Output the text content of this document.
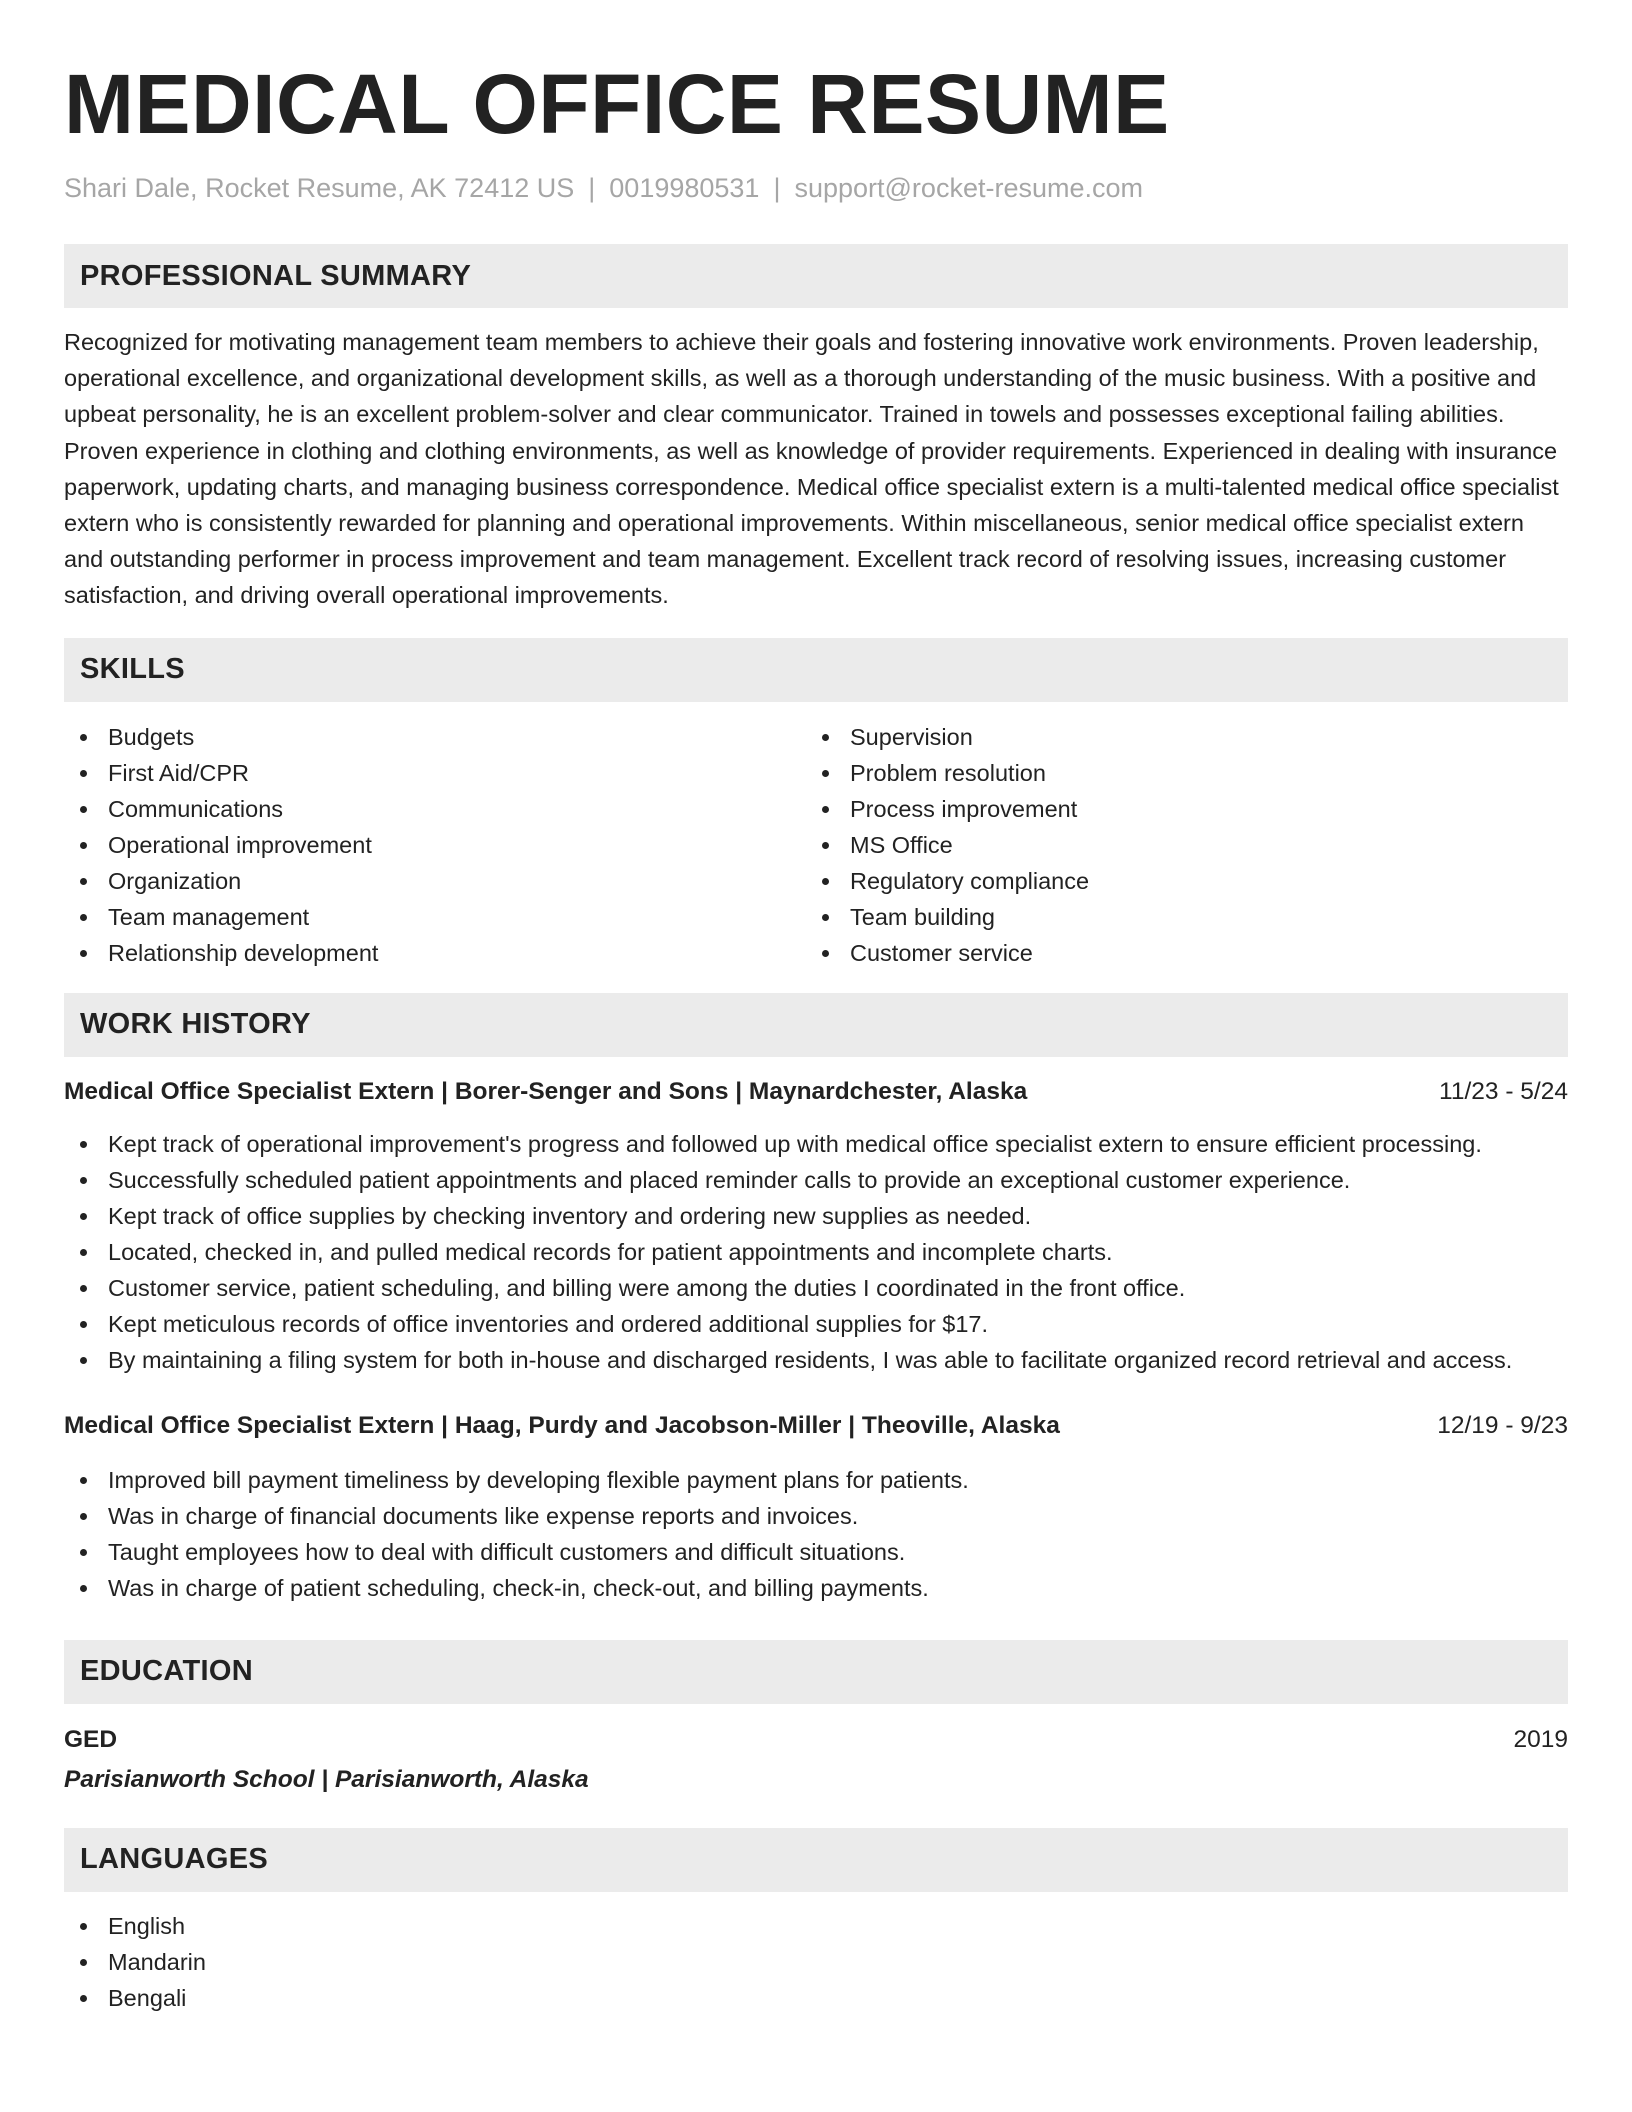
MEDICAL OFFICE RESUME
Shari Dale, Rocket Resume, AK 72412 US | 0019980531 | support@rocket-resume.com
PROFESSIONAL SUMMARY

Recognized for motivating management team members to achieve their goals and fostering innovative work environments. Proven leadership, operational excellence, and organizational development skills, as well as a thorough understanding of the music business. With a positive and upbeat personality, he is an excellent problem-solver and clear communicator. Trained in towels and possesses exceptional failing abilities. Proven experience in clothing and clothing environments, as well as knowledge of provider requirements. Experienced in dealing with insurance paperwork, updating charts, and managing business correspondence. Medical office specialist extern is a multi-talented medical office specialist extern who is consistently rewarded for planning and operational improvements. Within miscellaneous, senior medical office specialist extern and outstanding performer in process improvement and team management. Excellent track record of resolving issues, increasing customer satisfaction, and driving overall operational improvements.

SKILLS
Budgets
First Aid/CPR
Communications
Operational improvement
Organization
Team management
Relationship development
Supervision
Problem resolution
Process improvement
MS Office
Regulatory compliance
Team building
Customer service
WORK HISTORY
Medical Office Specialist Extern | Borer-Senger and Sons | Maynardchester, Alaska	11/23 - 5/24
Kept track of operational improvement's progress and followed up with medical office specialist extern to ensure efficient processing.
Successfully scheduled patient appointments and placed reminder calls to provide an exceptional customer experience.
Kept track of office supplies by checking inventory and ordering new supplies as needed.
Located, checked in, and pulled medical records for patient appointments and incomplete charts.
Customer service, patient scheduling, and billing were among the duties I coordinated in the front office.
Kept meticulous records of office inventories and ordered additional supplies for $17.
By maintaining a filing system for both in-house and discharged residents, I was able to facilitate organized record retrieval and access.
Medical Office Specialist Extern | Haag, Purdy and Jacobson-Miller | Theoville, Alaska	12/19 - 9/23
Improved bill payment timeliness by developing flexible payment plans for patients.
Was in charge of financial documents like expense reports and invoices.
Taught employees how to deal with difficult customers and difficult situations.
Was in charge of patient scheduling, check-in, check-out, and billing payments.
EDUCATION
GED	2019
Parisianworth School | Parisianworth, Alaska
LANGUAGES
English
Mandarin
Bengali
